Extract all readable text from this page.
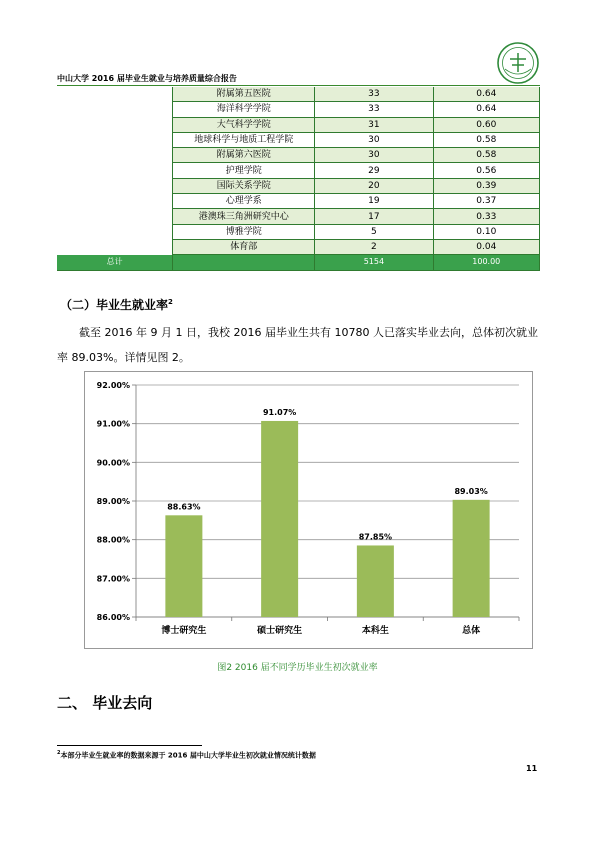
中山大学 2016 届毕业生就业与培养质量综合报告
	附属第五医院	33	0.64
	海洋科学学院	33	0.64
	大气科学学院	31	0.60
	地球科学与地质工程学院	30	0.58
	附属第六医院	30	0.58
	护理学院	29	0.56
	国际关系学院	20	0.39
	心理学系	19	0.37
	港澳珠三角洲研究中心	17	0.33
	博雅学院	5	0.10
	体育部	2	0.04
总计		5154	100.00
（二）毕业生就业率$^2$
截至 2016 年 9 月 1 日，我校 2016 届毕业生共有 10780 人已落实毕业去向，总体初次就业率 89.03%。详情见图 2。
86.00%
87.00%
88.00%
89.00%
90.00%
91.00%
92.00%
88.63%
博士研究生
91.07%
硕士研究生
87.85%
本科生
89.03%
总体
图2 2016 届不同学历毕业生初次就业率
二、 毕业去向
$^2$本部分毕业生就业率的数据来源于 2016 届中山大学毕业生初次就业情况统计数据
11
